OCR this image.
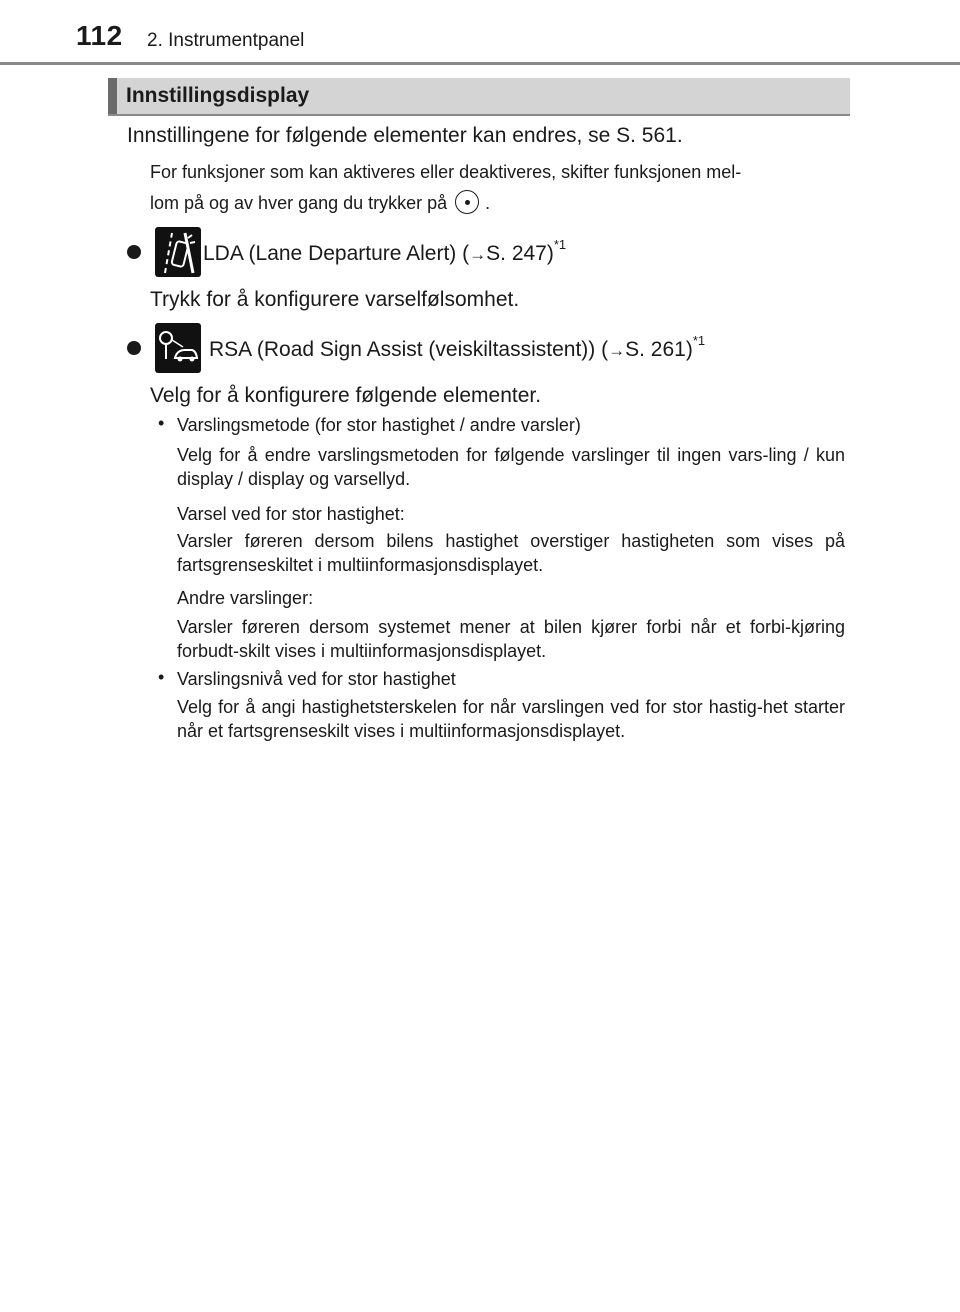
112 2. Instrumentpanel
Innstillingsdisplay
Innstillingene for følgende elementer kan endres, se S. 561.
For funksjoner som kan aktiveres eller deaktiveres, skifter funksjonen mel-
lom på og av hver gang du trykker på .
LDA (Lane Departure Alert) (→S. 247)$^{*1}$
Trykk for å konfigurere varselfølsomhet.
RSA (Road Sign Assist (veiskiltassistent)) (→S. 261)$^{*1}$
Velg for å konfigurere følgende elementer.
• Varslingsmetode (for stor hastighet / andre varsler)
Velg for å endre varslingsmetoden for følgende varslinger til ingen vars-ling / kun display / display og varsellyd.
Varsel ved for stor hastighet:
Varsler føreren dersom bilens hastighet overstiger hastigheten som vises på fartsgrenseskiltet i multiinformasjonsdisplayet.
Andre varslinger:
Varsler føreren dersom systemet mener at bilen kjører forbi når et forbi-kjøring forbudt-skilt vises i multiinformasjonsdisplayet.
• Varslingsnivå ved for stor hastighet
Velg for å angi hastighetsterskelen for når varslingen ved for stor hastig-het starter når et fartsgrenseskilt vises i multiinformasjonsdisplayet.
